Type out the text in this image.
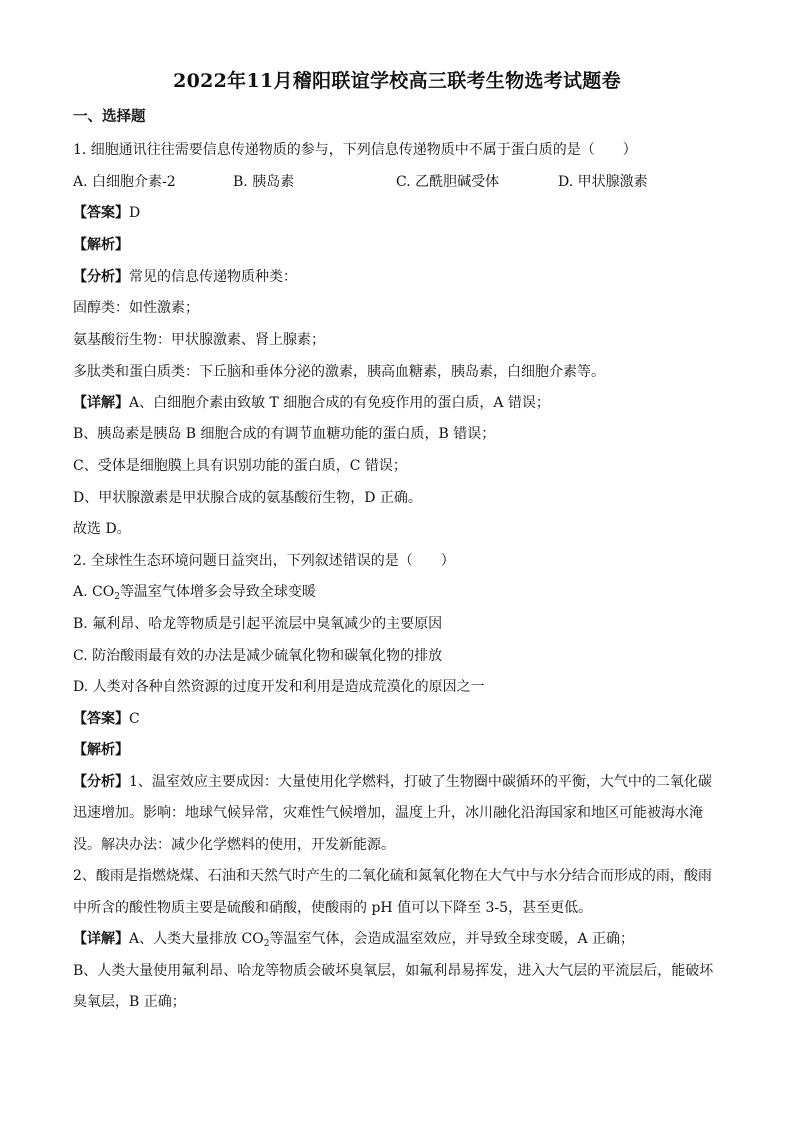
2022年11月稽阳联谊学校高三联考生物选考试题卷
一、选择题
1. 细胞通讯往往需要信息传递物质的参与，下列信息传递物质中不属于蛋白质的是（　　）
A. 白细胞介素-2	B. 胰岛素	C. 乙酰胆碱受体	D. 甲状腺激素
【答案】D
【解析】
【分析】常见的信息传递物质种类：
固醇类：如性激素；
氨基酸衍生物：甲状腺激素、肾上腺素；
多肽类和蛋白质类：下丘脑和垂体分泌的激素，胰高血糖素，胰岛素，白细胞介素等。
【详解】A、白细胞介素由致敏 T 细胞合成的有免疫作用的蛋白质，A 错误；
B、胰岛素是胰岛 B 细胞合成的有调节血糖功能的蛋白质，B 错误；
C、受体是细胞膜上具有识别功能的蛋白质，C 错误；
D、甲状腺激素是甲状腺合成的氨基酸衍生物，D 正确。
故选 D。
2. 全球性生态环境问题日益突出，下列叙述错误的是（　　）
A. $CO_2$等温室气体增多会导致全球变暖
B. 氟利昂、哈龙等物质是引起平流层中臭氧减少的主要原因
C. 防治酸雨最有效的办法是减少硫氧化物和碳氧化物的排放
D. 人类对各种自然资源的过度开发和利用是造成荒漠化的原因之一
【答案】C
【解析】
【分析】1、温室效应主要成因：大量使用化学燃料，打破了生物圈中碳循环的平衡，大气中的二氧化碳
迅速增加。影响：地球气候异常，灾难性气候增加，温度上升，冰川融化沿海国家和地区可能被海水淹
没。解决办法：减少化学燃料的使用，开发新能源。
2、酸雨是指燃烧煤、石油和天然气时产生的二氧化硫和氮氧化物在大气中与水分结合而形成的雨，酸雨
中所含的酸性物质主要是硫酸和硝酸，使酸雨的 pH 值可以下降至 3-5，甚至更低。
【详解】A、人类大量排放 $CO_2$等温室气体，会造成温室效应，并导致全球变暖，A 正确；
B、人类大量使用氟利昂、哈龙等物质会破坏臭氧层，如氟利昂易挥发，进入大气层的平流层后，能破坏
臭氧层，B 正确；
